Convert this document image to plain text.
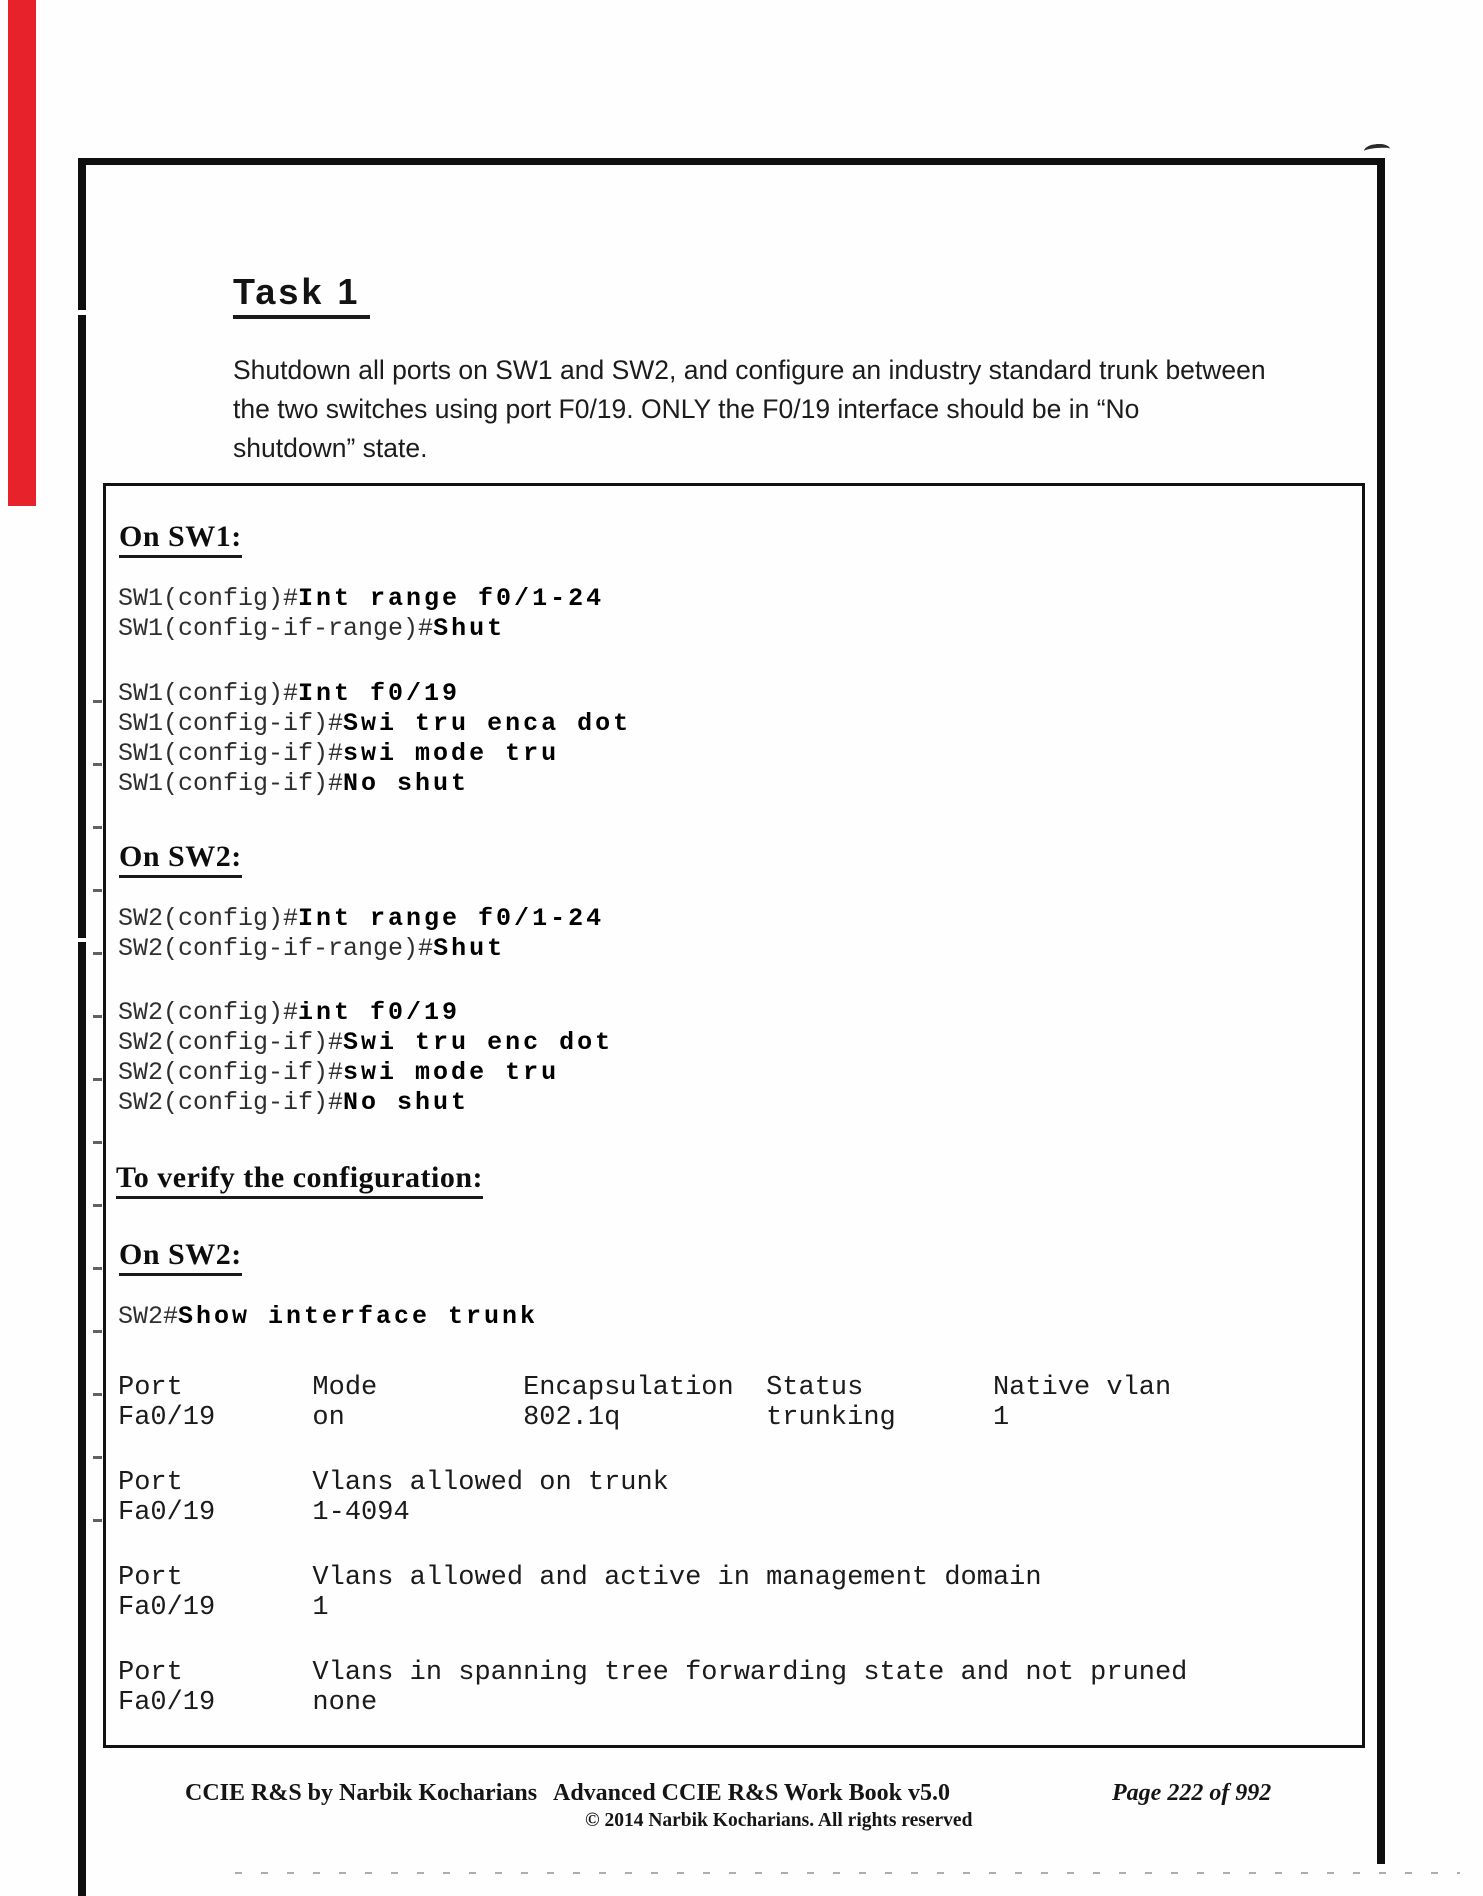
Task 1
Shutdown all ports on SW1 and SW2, and configure an industry standard trunk between
the two switches using port F0/19. ONLY the F0/19 interface should be in “No
shutdown” state.
On SW1:
SW1(config)#Int range f0/1-24
SW1(config-if-range)#Shut
SW1(config)#Int f0/19
SW1(config-if)#Swi tru enca dot
SW1(config-if)#swi mode tru
SW1(config-if)#No shut
On SW2:
SW2(config)#Int range f0/1-24
SW2(config-if-range)#Shut
SW2(config)#int f0/19
SW2(config-if)#Swi tru enc dot
SW2(config-if)#swi mode tru
SW2(config-if)#No shut
To verify the configuration:
On SW2:
SW2#Show interface trunk
Port        Mode         Encapsulation  Status        Native vlan
Fa0/19      on           802.1q         trunking      1
Port        Vlans allowed on trunk
Fa0/19      1-4094
Port        Vlans allowed and active in management domain
Fa0/19      1
Port        Vlans in spanning tree forwarding state and not pruned
Fa0/19      none
CCIE R&S by Narbik Kocharians Advanced CCIE R&S Work Book v5.0	Page 222 of 992
© 2014 Narbik Kocharians. All rights reserved
